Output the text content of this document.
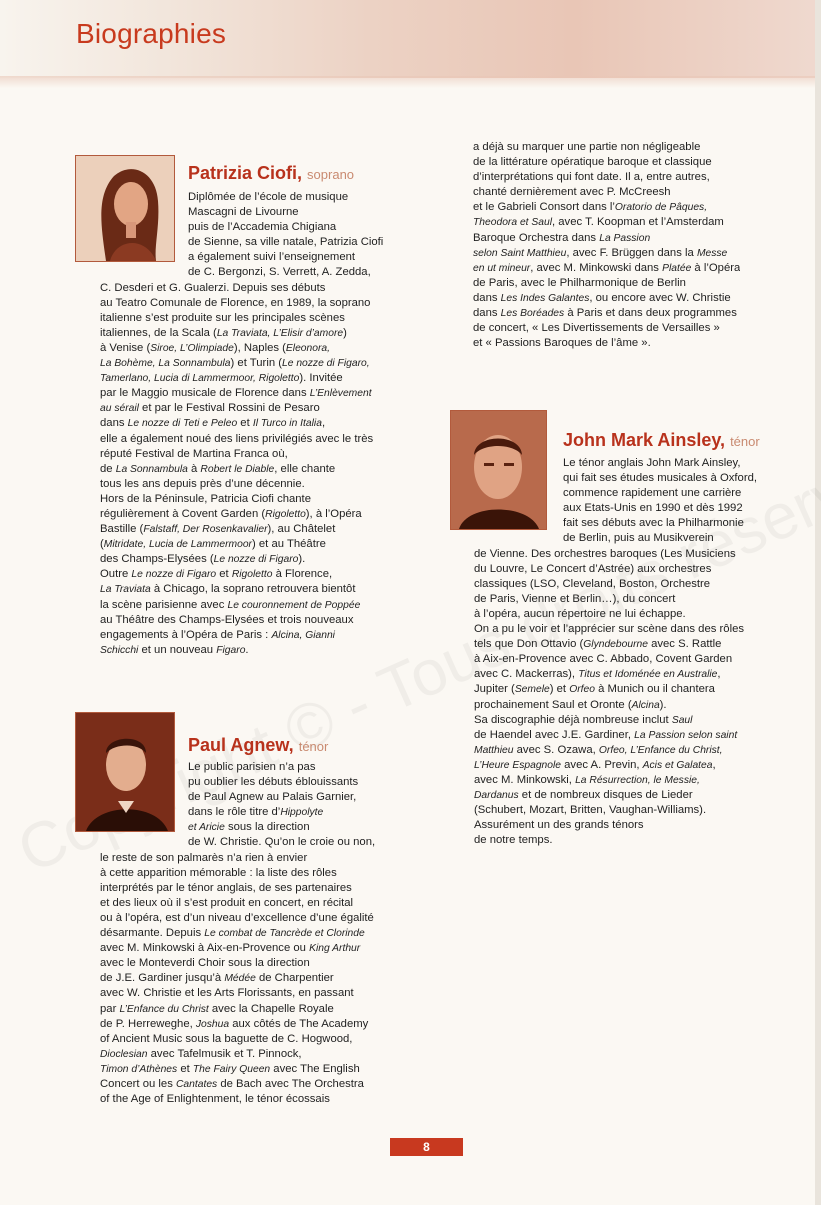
Biographies
Patrizia Ciofi, soprano
Diplômée de l’école de musique
Mascagni de Livourne
puis de l’Accademia Chigiana
de Sienne, sa ville natale, Patrizia Ciofi
a également suivi l’enseignement
de C. Bergonzi, S. Verrett, A. Zedda,
C. Desderi et G. Gualerzi. Depuis ses débuts
au Teatro Comunale de Florence, en 1989, la soprano
italienne s’est produite sur les principales scènes
italiennes, de la Scala (La Traviata, L’Elisir d’amore)
à Venise (Siroe, L’Olimpiade), Naples (Eleonora,
La Bohème, La Sonnambula) et Turin (Le nozze di Figaro,
Tamerlano, Lucia di Lammermoor, Rigoletto). Invitée
par le Maggio musicale de Florence dans L’Enlèvement
au sérail et par le Festival Rossini de Pesaro
dans Le nozze di Teti e Peleo et Il Turco in Italia,
elle a également noué des liens privilégiés avec le très
réputé Festival de Martina Franca où,
de La Sonnambula à Robert le Diable, elle chante
tous les ans depuis près d’une décennie.
Hors de la Péninsule, Patricia Ciofi chante
régulièrement à Covent Garden (Rigoletto), à l’Opéra
Bastille (Falstaff, Der Rosenkavalier), au Châtelet
(Mitridate, Lucia de Lammermoor) et au Théâtre
des Champs-Elysées (Le nozze di Figaro).
Outre Le nozze di Figaro et Rigoletto à Florence,
La Traviata à Chicago, la soprano retrouvera bientôt
la scène parisienne avec Le couronnement de Poppée
au Théâtre des Champs-Elysées et trois nouveaux
engagements à l’Opéra de Paris : Alcina, Gianni
Schicchi et un nouveau Figaro.
Paul Agnew, ténor
Le public parisien n’a pas
pu oublier les débuts éblouissants
de Paul Agnew au Palais Garnier,
dans le rôle titre d’Hippolyte
et Aricie sous la direction
de W. Christie. Qu’on le croie ou non,
le reste de son palmarès n’a rien à envier
à cette apparition mémorable : la liste des rôles
interprétés par le ténor anglais, de ses partenaires
et des lieux où il s’est produit en concert, en récital
ou à l’opéra, est d’un niveau d’excellence d’une égalité
désarmante. Depuis Le combat de Tancrède et Clorinde
avec M. Minkowski à Aix-en-Provence ou King Arthur
avec le Monteverdi Choir sous la direction
de J.E. Gardiner jusqu’à Médée de Charpentier
avec W. Christie et les Arts Florissants, en passant
par L’Enfance du Christ avec la Chapelle Royale
de P. Herreweghe, Joshua aux côtés de The Academy
of Ancient Music sous la baguette de C. Hogwood,
Dioclesian avec Tafelmusik et T. Pinnock,
Timon d’Athènes et The Fairy Queen avec The English
Concert ou les Cantates de Bach avec The Orchestra
of the Age of Enlightenment, le ténor écossais
a déjà su marquer une partie non négligeable
de la littérature opératique baroque et classique
d’interprétations qui font date. Il a, entre autres,
chanté dernièrement avec P. McCreesh
et le Gabrieli Consort dans l’Oratorio de Pâques,
Theodora et Saul, avec T. Koopman et l’Amsterdam
Baroque Orchestra dans La Passion
selon Saint Matthieu, avec F. Brüggen dans la Messe
en ut mineur, avec M. Minkowski dans Platée à l’Opéra
de Paris, avec le Philharmonique de Berlin
dans Les Indes Galantes, ou encore avec W. Christie
dans Les Boréades à Paris et dans deux programmes
de concert, « Les Divertissements de Versailles »
et « Passions Baroques de l’âme ».
John Mark Ainsley, ténor
Le ténor anglais John Mark Ainsley,
qui fait ses études musicales à Oxford,
commence rapidement une carrière
aux Etats-Unis en 1990 et dès 1992
fait ses débuts avec la Philharmonie
de Berlin, puis au Musikverein
de Vienne. Des orchestres baroques (Les Musiciens
du Louvre, Le Concert d’Astrée) aux orchestres
classiques (LSO, Cleveland, Boston, Orchestre
de Paris, Vienne et Berlin…), du concert
à l’opéra, aucun répertoire ne lui échappe.
On a pu le voir et l’apprécier sur scène dans des rôles
tels que Don Ottavio (Glyndebourne avec S. Rattle
à Aix-en-Provence avec C. Abbado, Covent Garden
avec C. Mackerras), Titus et Idoménée en Australie,
Jupiter (Semele) et Orfeo à Munich ou il chantera
prochainement Saul et Oronte (Alcina).
Sa discographie déjà nombreuse inclut Saul
de Haendel avec J.E. Gardiner, La Passion selon saint
Matthieu avec S. Ozawa, Orfeo, L’Enfance du Christ,
L’Heure Espagnole avec A. Previn, Acis et Galatea,
avec M. Minkowski, La Résurrection, le Messie,
Dardanus et de nombreux disques de Lieder
(Schubert, Mozart, Britten, Vaughan-Williams).
Assurément un des grands ténors
de notre temps.
8
